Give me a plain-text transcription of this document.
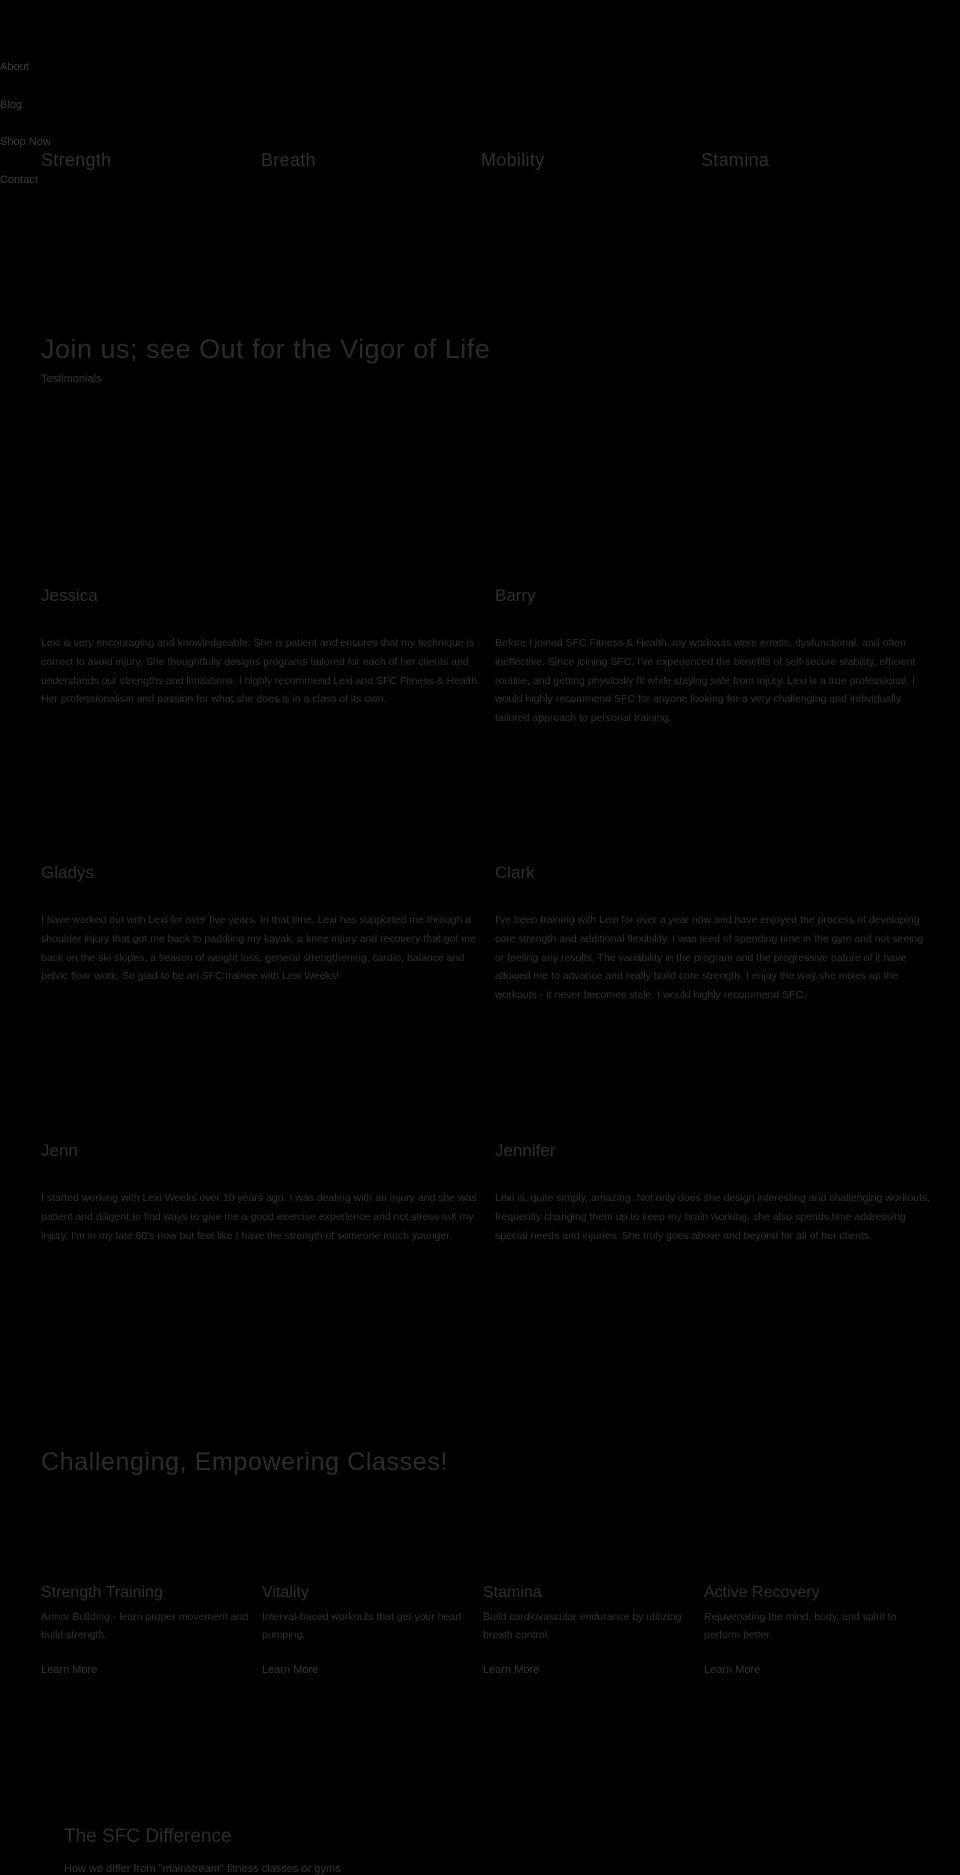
About
Blog
Shop Now
Contact
Strength	Breath	Mobility	Stamina
Join us; see Out for the Vigor of Life
Testimonials
Jessica

Lexi is very encouraging and knowledgeable. She is patient and ensures that my technique is correct to avoid injury. She thoughtfully designs programs tailored for each of her clients and understands our strengths and limitations. I highly recommend Lexi and SFC Fitness & Health. Her professionalism and passion for what she does is in a class of its own.

Barry

Before I joined SFC Fitness & Health, my workouts were erratic, dysfunctional, and often ineffective. Since joining SFC, I've experienced the benefits of self-secure stability, efficient routine, and getting physically fit while staying safe from injury. Lexi is a true professional. I would highly recommend SFC for anyone looking for a very challenging and individually tailored approach to personal training.

Gladys

I have worked out with Lexi for over five years. In that time, Lexi has supported me through a shoulder injury that got me back to paddling my kayak, a knee injury and recovery that got me back on the ski slopes, a season of weight loss, general strengthening, cardio, balance and pelvic floor work. So glad to be an SFC trainee with Lexi Weeks!

Clark

I've been training with Lexi for over a year now and have enjoyed the process of developing core strength and additional flexibility. I was tired of spending time in the gym and not seeing or feeling any results. The variability in the program and the progressive nature of it have allowed me to advance and really build core strength. I enjoy the way she mixes up the workouts - it never becomes stale. I would highly recommend SFC.

Jenn

I started working with Lexi Weeks over 10 years ago. I was dealing with an injury and she was patient and diligent to find ways to give me a good exercise experience and not stress out my injury. I'm in my late 60's now but feel like I have the strength of someone much younger.

Jennifer

Lexi is, quite simply, amazing. Not only does she design interesting and challenging workouts, frequently changing them up to keep my brain working, she also spends time addressing special needs and injuries. She truly goes above and beyond for all of her clients.

Challenging, Empowering Classes!
Strength Training

Armor Building - learn proper movement and build strength.

Learn More
Vitality

Interval-based workouts that get your heart pumping.

Learn More
Stamina

Build cardiovascular endurance by utilizing breath control.

Learn More
Active Recovery

Rejuvenating the mind, body, and spirit to perform better.

Learn More
The SFC Difference
How we differ from "mainstream" fitness classes or gyms
